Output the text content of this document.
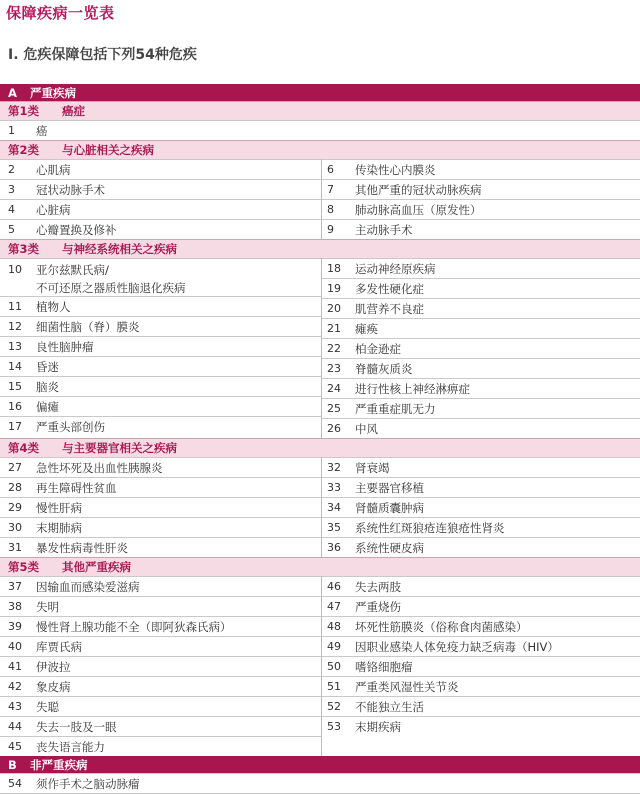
保障疾病一览表
I. 危疾保障包括下列54种危疾
A	严重疾病
第1类	癌症
1	癌
第2类	与心脏相关之疾病
2	心肌病
3	冠状动脉手术
4	心脏病
5	心瓣置换及修补
6	传染性心内膜炎
7	其他严重的冠状动脉疾病
8	肺动脉高血压（原发性）
9	主动脉手术
第3类	与神经系统相关之疾病
10	亚尔兹默氏病/
不可还原之器质性脑退化疾病
11	植物人
12	细菌性脑（脊）膜炎
13	良性脑肿瘤
14	昏迷
15	脑炎
16	偏瘫
17	严重头部创伤
18	运动神经原疾病
19	多发性硬化症
20	肌营养不良症
21	瘫痪
22	柏金逊症
23	脊髓灰质炎
24	进行性核上神经淋痹症
25	严重重症肌无力
26	中风
第4类	与主要器官相关之疾病
27	急性坏死及出血性胰腺炎
28	再生障碍性贫血
29	慢性肝病
30	末期肺病
31	暴发性病毒性肝炎
32	肾衰竭
33	主要器官移植
34	肾髓质囊肿病
35	系统性红斑狼疮连狼疮性肾炎
36	系统性硬皮病
第5类	其他严重疾病
37	因输血而感染爱滋病
38	失明
39	慢性肾上腺功能不全（即阿狄森氏病）
40	库贾氏病
41	伊波拉
42	象皮病
43	失聪
44	失去一肢及一眼
45	丧失语言能力
46	失去两肢
47	严重烧伤
48	坏死性筋膜炎（俗称食肉菌感染）
49	因职业感染人体免疫力缺乏病毒（HIV）
50	嗜铬细胞瘤
51	严重类风湿性关节炎
52	不能独立生活
53	末期疾病
B	非严重疾病
54	须作手术之脑动脉瘤
